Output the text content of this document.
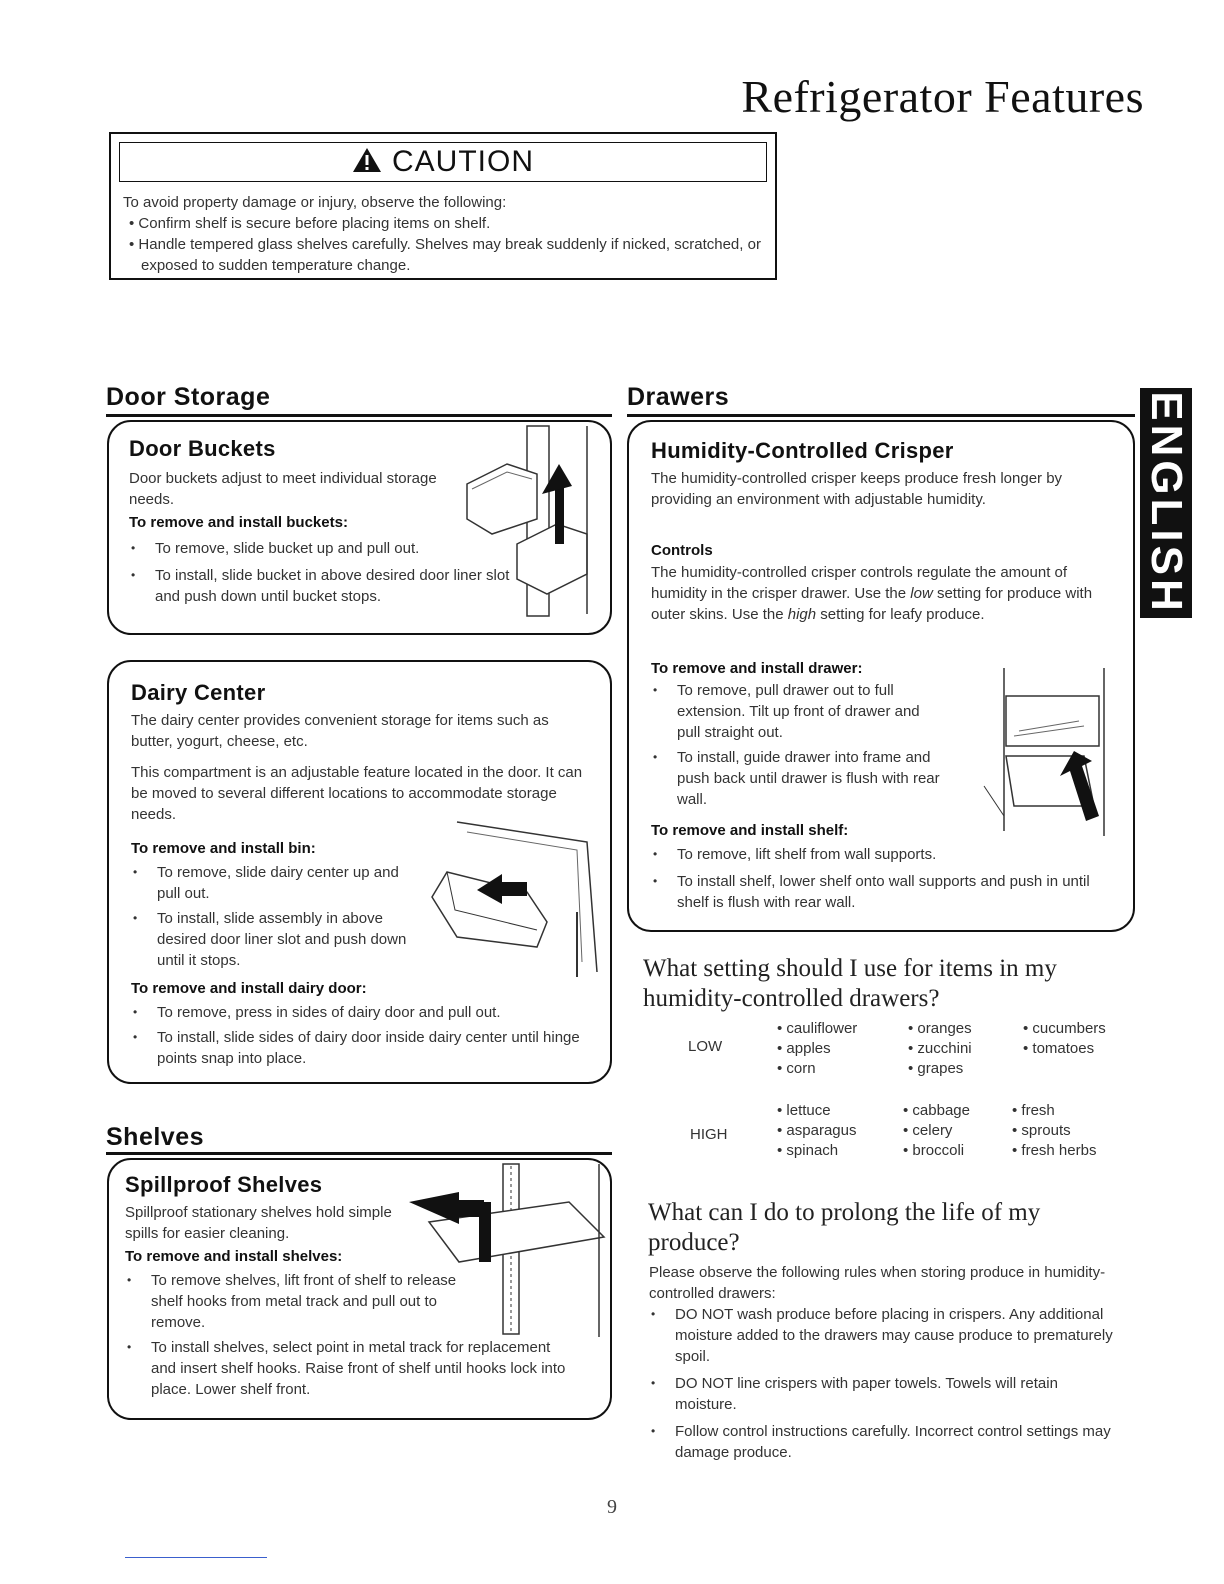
Refrigerator Features
CAUTION
To avoid property damage or injury, observe the following:
• Confirm shelf is secure before placing items on shelf.
• Handle tempered glass shelves carefully. Shelves may break suddenly if nicked, scratched, or exposed to sudden temperature change.
ENGLISH
Door Storage
Door Buckets
Door buckets adjust to meet individual storage needs.
To remove and install buckets:
• To remove, slide bucket up and pull out.
• To install, slide bucket in above desired door liner slot and push down until bucket stops.
Dairy Center
The dairy center provides convenient storage for items such as butter, yogurt, cheese, etc.
This compartment is an adjustable feature located in the door. It can be moved to several different locations to accommodate storage needs.
To remove and install bin:
• To remove, slide dairy center up and pull out.
• To install, slide assembly in above desired door liner slot and push down until it stops.
To remove and install dairy door:
• To remove, press in sides of dairy door and pull out.
• To install, slide sides of dairy door inside dairy center until hinge points snap into place.
Shelves
Spillproof Shelves
Spillproof stationary shelves hold simple spills for easier cleaning.
To remove and install shelves:
• To remove shelves, lift front of shelf to release shelf hooks from metal track and pull out to remove.
• To install shelves, select point in metal track for replacement and insert shelf hooks. Raise front of shelf until hooks lock into place. Lower shelf front.
Drawers
Humidity-Controlled Crisper
The humidity-controlled crisper keeps produce fresh longer by providing an environment with adjustable humidity.
Controls
The humidity-controlled crisper controls regulate the amount of humidity in the crisper drawer. Use the low setting for produce with outer skins. Use the high setting for leafy produce.
To remove and install drawer:
• To remove, pull drawer out to full extension. Tilt up front of drawer and pull straight out.
• To install, guide drawer into frame and push back until drawer is flush with rear wall.
To remove and install shelf:
• To remove, lift shelf from wall supports.
• To install shelf, lower shelf onto wall supports and push in until shelf is flush with rear wall.
What setting should I use for items in my humidity-controlled drawers?
LOW
• cauliflower	• oranges	• cucumbers
• apples	• zucchini	• tomatoes
• corn	• grapes
HIGH
• lettuce	• cabbage	• fresh
• asparagus	• celery	• sprouts
• spinach	• broccoli	• fresh herbs
What can I do to prolong the life of my produce?
Please observe the following rules when storing produce in humidity-controlled drawers:
• DO NOT wash produce before placing in crispers. Any additional moisture added to the drawers may cause produce to prematurely spoil.
• DO NOT line crispers with paper towels. Towels will retain moisture.
• Follow control instructions carefully. Incorrect control settings may damage produce.
9
